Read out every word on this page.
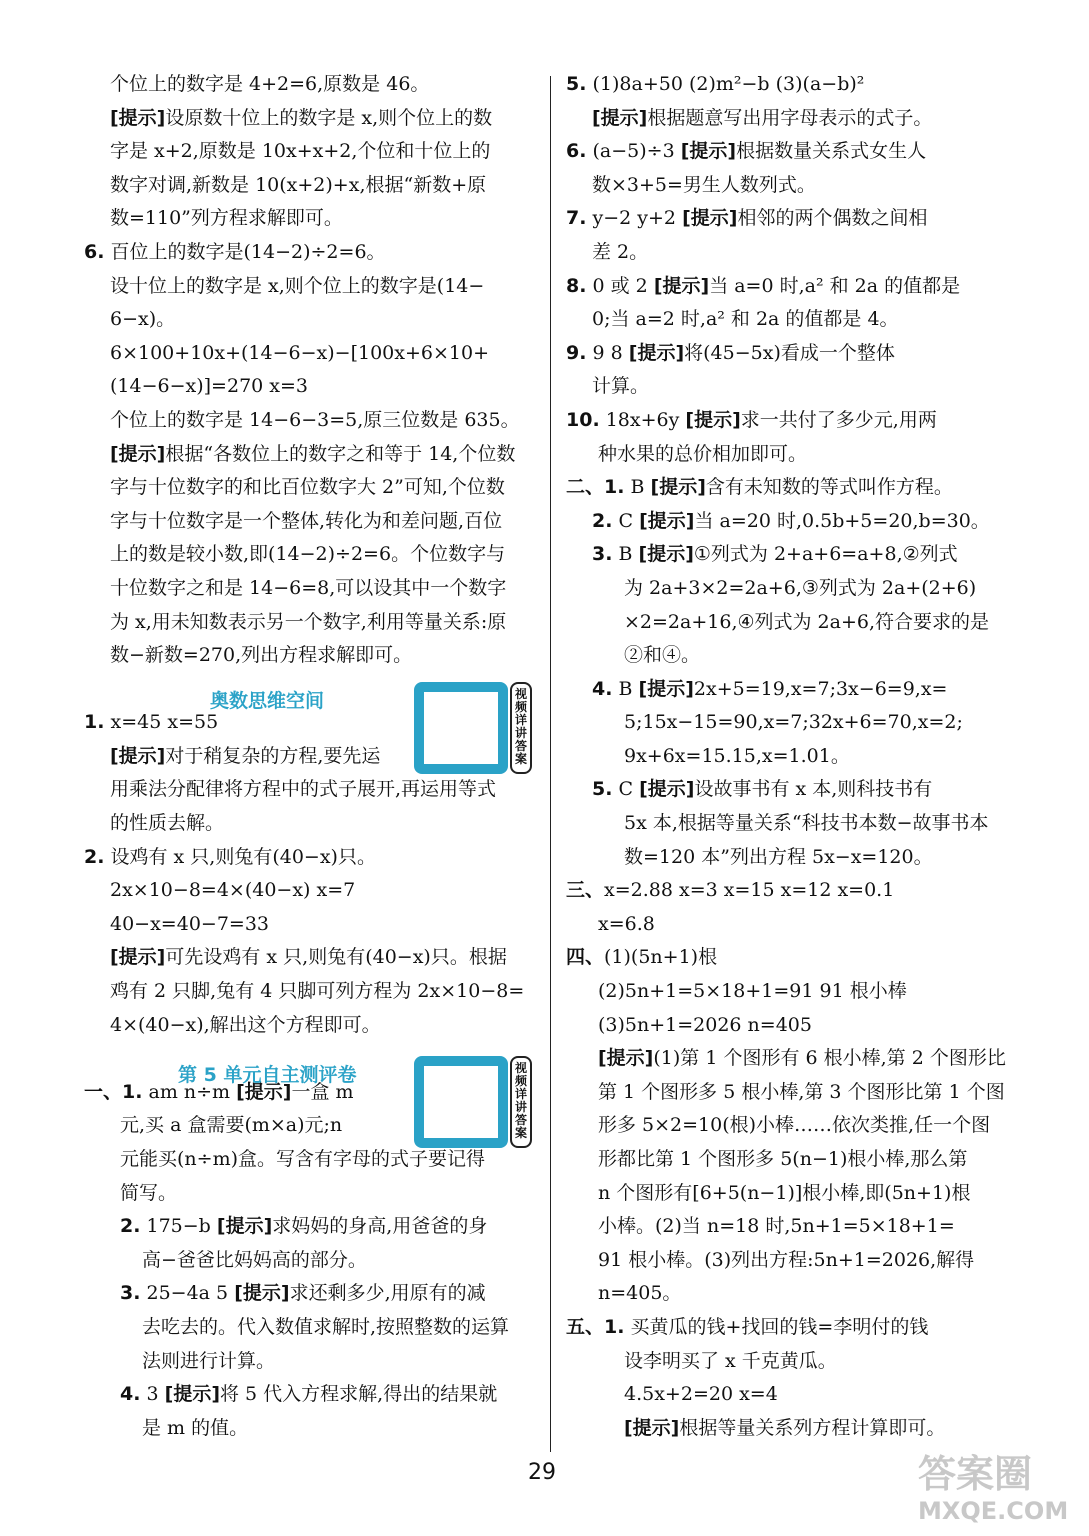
个位上的数字是 4+2=6,原数是 46。

[提示]设原数十位上的数字是 x,则个位上的数

字是 x+2,原数是 10x+x+2,个位和十位上的

数字对调,新数是 10(x+2)+x,根据“新数+原

数=110”列方程求解即可。

6. 百位上的数字是(14−2)÷2=6。

设十位上的数字是 x,则个位上的数字是(14−

6−x)。

6×100+10x+(14−6−x)−[100x+6×10+

(14−6−x)]=270 x=3

个位上的数字是 14−6−3=5,原三位数是 635。

[提示]根据“各数位上的数字之和等于 14,个位数

字与十位数字的和比百位数字大 2”可知,个位数

字与十位数字是一个整体,转化为和差问题,百位

上的数是较小数,即(14−2)÷2=6。个位数字与

十位数字之和是 14−6=8,可以设其中一个数字

为 x,用未知数表示另一个数字,利用等量关系:原

数−新数=270,列出方程求解即可。

1. x=45 x=55

[提示]对于稍复杂的方程,要先运

用乘法分配律将方程中的式子展开,再运用等式

的性质去解。

2. 设鸡有 x 只,则兔有(40−x)只。

2x×10−8=4×(40−x) x=7

40−x=40−7=33

[提示]可先设鸡有 x 只,则兔有(40−x)只。根据

鸡有 2 只脚,兔有 4 只脚可列方程为 2x×10−8=

4×(40−x),解出这个方程即可。

一、1. am n÷m [提示]一盒 m

元,买 a 盒需要(m×a)元;n

元能买(n÷m)盒。写含有字母的式子要记得

简写。

2. 175−b [提示]求妈妈的身高,用爸爸的身

高−爸爸比妈妈高的部分。

3. 25−4a 5 [提示]求还剩多少,用原有的减

去吃去的。代入数值求解时,按照整数的运算

法则进行计算。

4. 3 [提示]将 5 代入方程求解,得出的结果就

是 m 的值。

奥数思维空间	视频详讲答案
第 5 单元自主测评卷	视频详讲答案

5. (1)8a+50 (2)m²−b (3)(a−b)²

[提示]根据题意写出用字母表示的式子。

6. (a−5)÷3 [提示]根据数量关系式女生人

数×3+5=男生人数列式。

7. y−2 y+2 [提示]相邻的两个偶数之间相

差 2。

8. 0 或 2 [提示]当 a=0 时,a² 和 2a 的值都是

0;当 a=2 时,a² 和 2a 的值都是 4。

9. 9 8 [提示]将(45−5x)看成一个整体

计算。

10. 18x+6y [提示]求一共付了多少元,用两

种水果的总价相加即可。

二、1. B [提示]含有未知数的等式叫作方程。

2. C [提示]当 a=20 时,0.5b+5=20,b=30。

3. B [提示]①列式为 2+a+6=a+8,②列式

为 2a+3×2=2a+6,③列式为 2a+(2+6)

×2=2a+16,④列式为 2a+6,符合要求的是

②和④。

4. B [提示]2x+5=19,x=7;3x−6=9,x=

5;15x−15=90,x=7;32x+6=70,x=2;

9x+6x=15.15,x=1.01。

5. C [提示]设故事书有 x 本,则科技书有

5x 本,根据等量关系“科技书本数−故事书本

数=120 本”列出方程 5x−x=120。

三、x=2.88 x=3 x=15 x=12 x=0.1

x=6.8

四、(1)(5n+1)根

(2)5n+1=5×18+1=91 91 根小棒

(3)5n+1=2026 n=405

[提示](1)第 1 个图形有 6 根小棒,第 2 个图形比

第 1 个图形多 5 根小棒,第 3 个图形比第 1 个图

形多 5×2=10(根)小棒……依次类推,任一个图

形都比第 1 个图形多 5(n−1)根小棒,那么第

n 个图形有[6+5(n−1)]根小棒,即(5n+1)根

小棒。(2)当 n=18 时,5n+1=5×18+1=

91 根小棒。(3)列出方程:5n+1=2026,解得

n=405。

五、1. 买黄瓜的钱+找回的钱=李明付的钱

设李明买了 x 千克黄瓜。

4.5x+2=20 x=4

[提示]根据等量关系列方程计算即可。

29	答案圈
MXQE.COM
